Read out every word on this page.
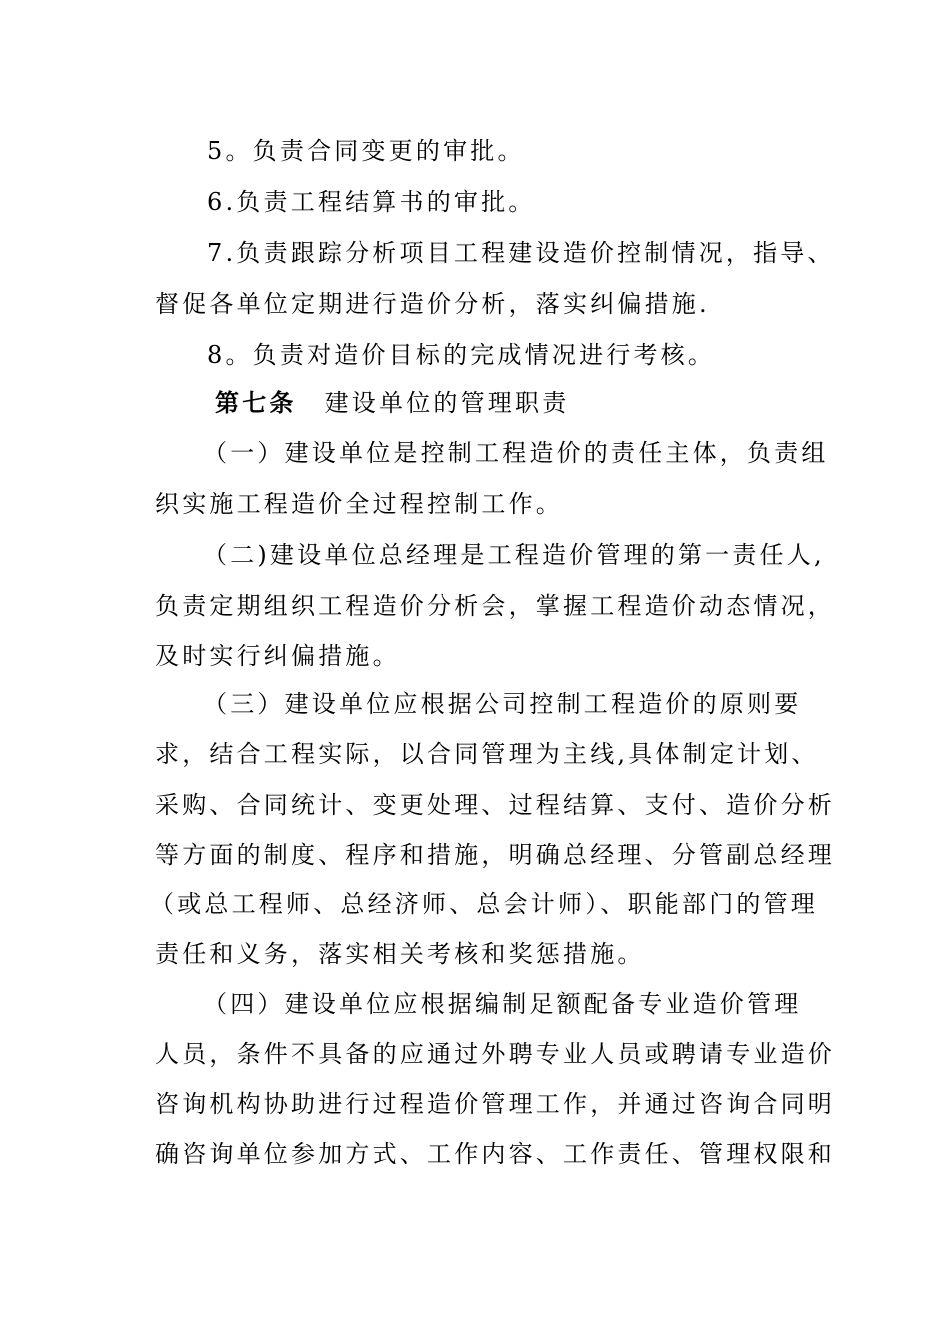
5。负责合同变更的审批。

6.负责工程结算书的审批。

7.负责跟踪分析项目工程建设造价控制情况，指导、

督促各单位定期进行造价分析，落实纠偏措施.

8。负责对造价目标的完成情况进行考核。

第七条 建设单位的管理职责

（一）建设单位是控制工程造价的责任主体，负责组

织实施工程造价全过程控制工作。

（二)建设单位总经理是工程造价管理的第一责任人,

负责定期组织工程造价分析会，掌握工程造价动态情况，

及时实行纠偏措施。

（三）建设单位应根据公司控制工程造价的原则要

求，结合工程实际，以合同管理为主线,具体制定计划、

采购、合同统计、变更处理、过程结算、支付、造价分析

等方面的制度、程序和措施，明确总经理、分管副总经理

（或总工程师、总经济师、总会计师）、职能部门的管理

责任和义务，落实相关考核和奖惩措施。

（四）建设单位应根据编制足额配备专业造价管理

人员，条件不具备的应通过外聘专业人员或聘请专业造价

咨询机构协助进行过程造价管理工作，并通过咨询合同明

确咨询单位参加方式、工作内容、工作责任、管理权限和
